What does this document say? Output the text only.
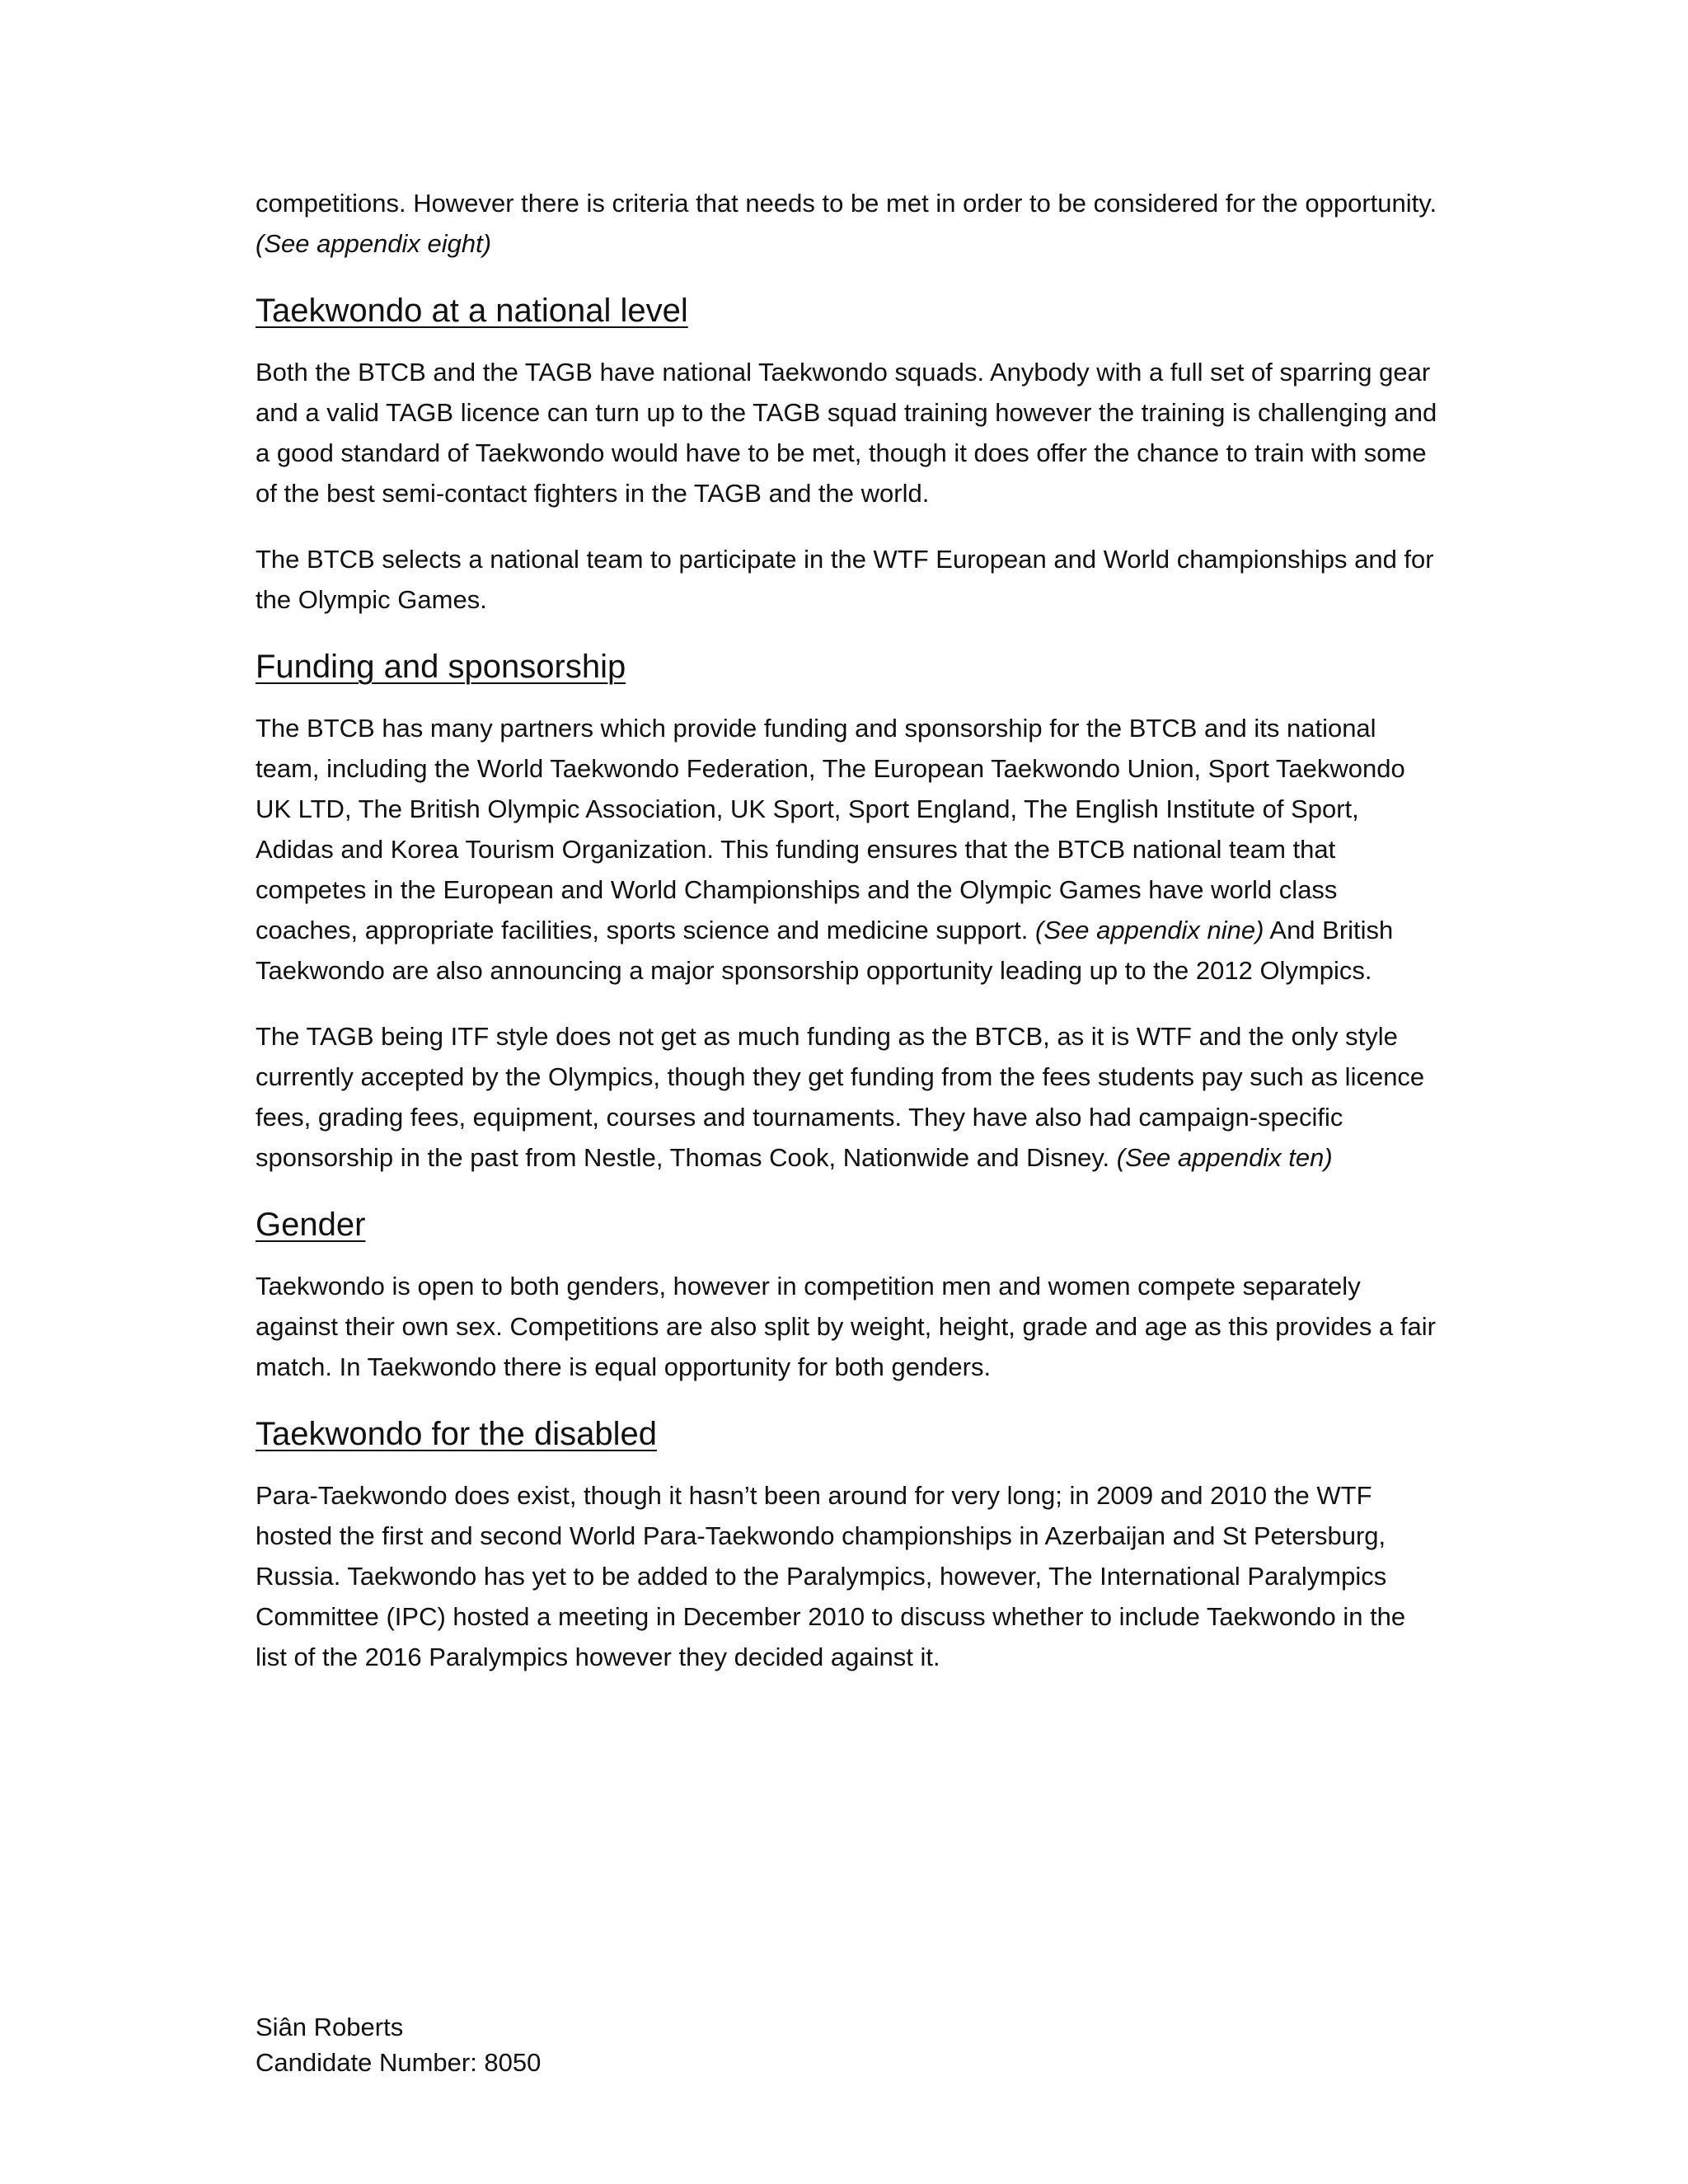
competitions. However there is criteria that needs to be met in order to be considered for the opportunity. (See appendix eight)

Taekwondo at a national level

Both the BTCB and the TAGB have national Taekwondo squads. Anybody with a full set of sparring gear and a valid TAGB licence can turn up to the TAGB squad training however the training is challenging and a good standard of Taekwondo would have to be met, though it does offer the chance to train with some of the best semi-contact fighters in the TAGB and the world.

The BTCB selects a national team to participate in the WTF European and World championships and for the Olympic Games.

Funding and sponsorship

The BTCB has many partners which provide funding and sponsorship for the BTCB and its national team, including the World Taekwondo Federation, The European Taekwondo Union, Sport Taekwondo UK LTD, The British Olympic Association, UK Sport, Sport England, The English Institute of Sport, Adidas and Korea Tourism Organization. This funding ensures that the BTCB national team that competes in the European and World Championships and the Olympic Games have world class coaches, appropriate facilities, sports science and medicine support. (See appendix nine) And British Taekwondo are also announcing a major sponsorship opportunity leading up to the 2012 Olympics.

The TAGB being ITF style does not get as much funding as the BTCB, as it is WTF and the only style currently accepted by the Olympics, though they get funding from the fees students pay such as licence fees, grading fees, equipment, courses and tournaments. They have also had campaign-specific sponsorship in the past from Nestle, Thomas Cook, Nationwide and Disney. (See appendix ten)

Gender

Taekwondo is open to both genders, however in competition men and women compete separately against their own sex. Competitions are also split by weight, height, grade and age as this provides a fair match. In Taekwondo there is equal opportunity for both genders.

Taekwondo for the disabled

Para-Taekwondo does exist, though it hasn’t been around for very long; in 2009 and 2010 the WTF hosted the first and second World Para-Taekwondo championships in Azerbaijan and St Petersburg, Russia. Taekwondo has yet to be added to the Paralympics, however, The International Paralympics Committee (IPC) hosted a meeting in December 2010 to discuss whether to include Taekwondo in the list of the 2016 Paralympics however they decided against it.

Siân Roberts
Candidate Number: 8050
